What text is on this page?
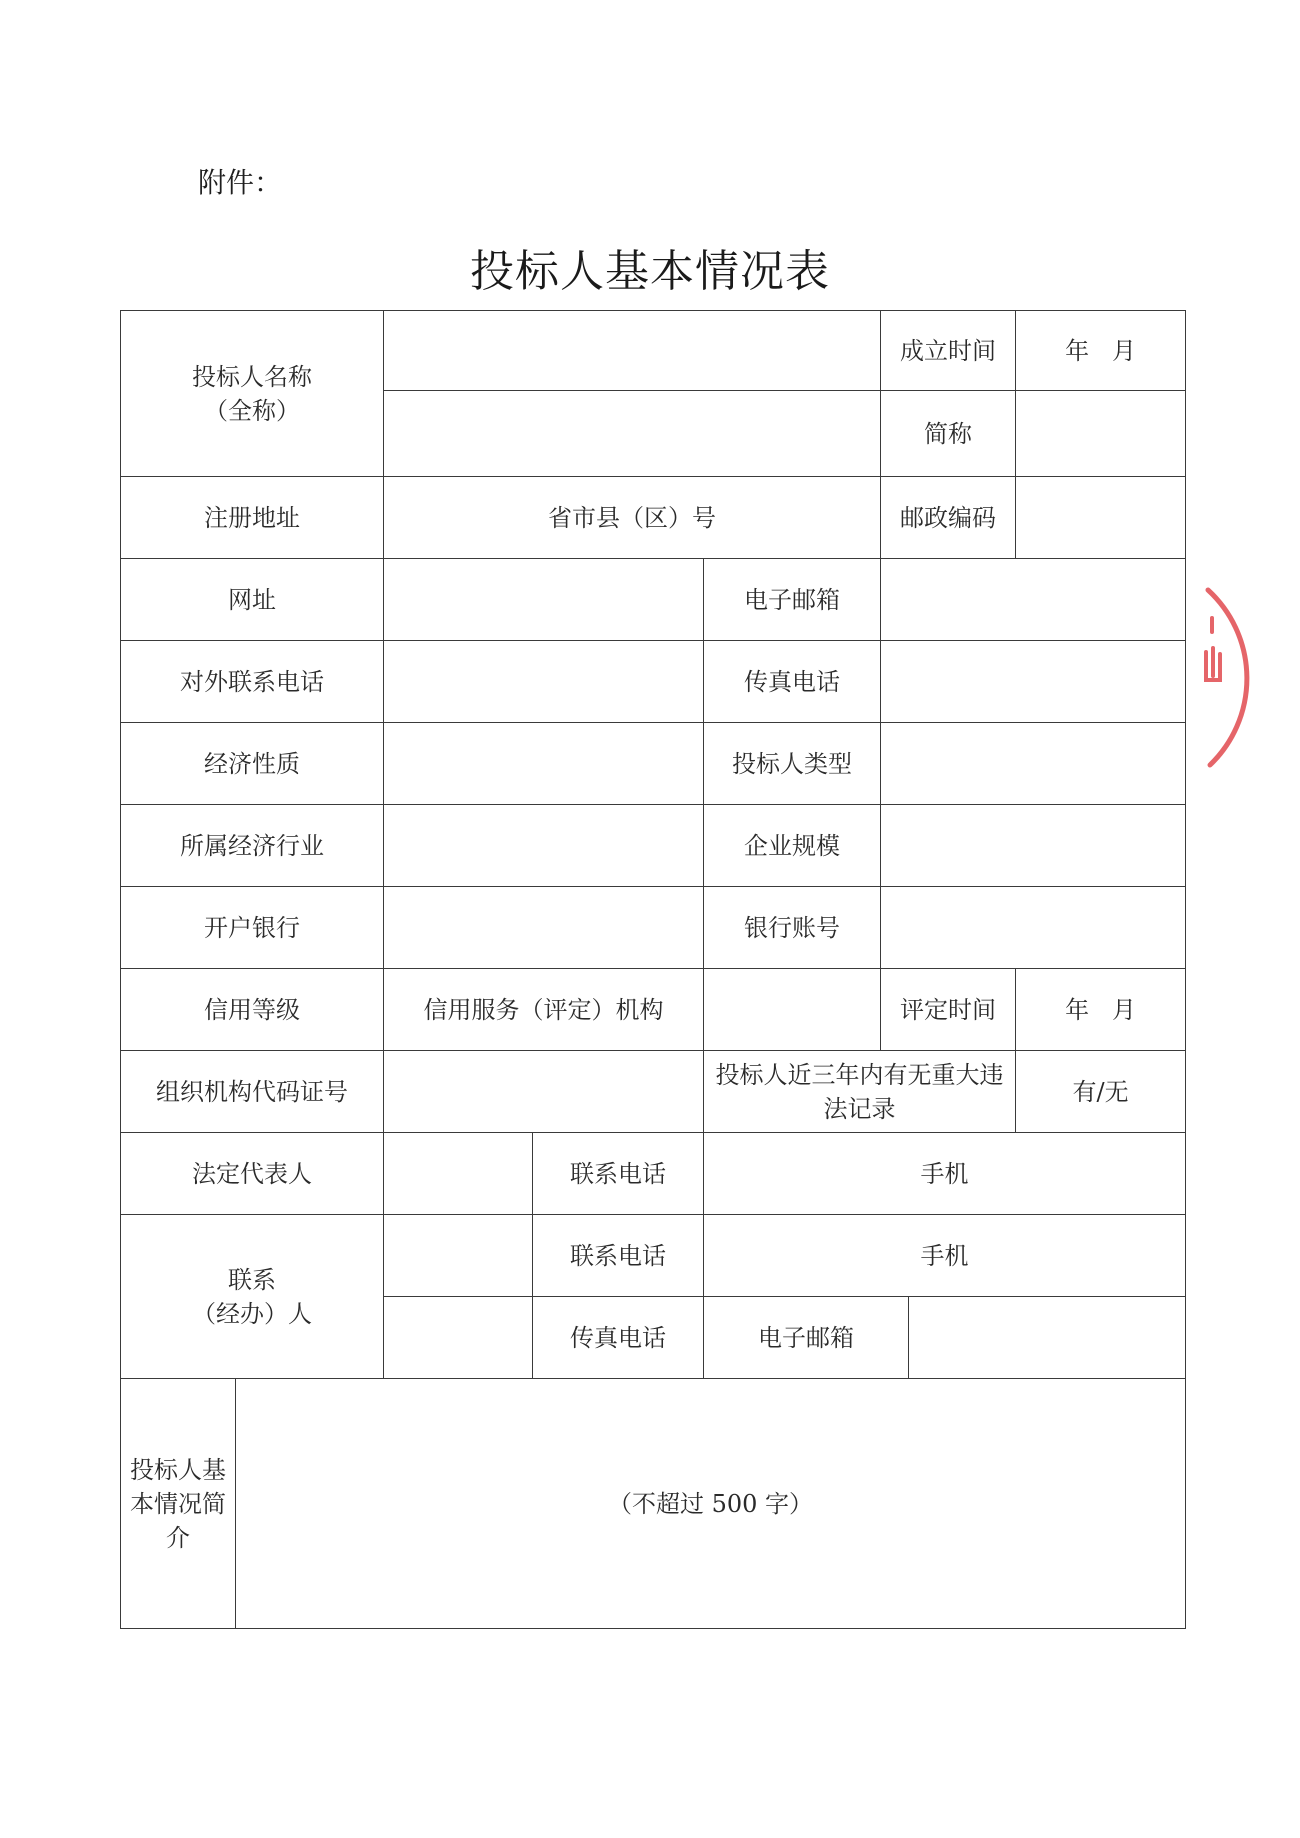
附件：
投标人基本情况表
投标人名称
（全称）					成立时间		年   月
					简称		
注册地址		省市县（区）号			邮政编码		
网址				电子邮箱			
对外联系电话				传真电话			
经济性质				投标人类型			
所属经济行业				企业规模			
开户银行				银行账号			
信用等级		信用服务（评定）机构			评定时间		年   月
组织机构代码证号				投标人近三年内有无重大违法记录			有/无
法定代表人			联系电话	手机			

联系
（经办）人			联系电话	手机			
			传真电话	电子邮箱			
投标人基本情况简介	（不超过 500 字）						
